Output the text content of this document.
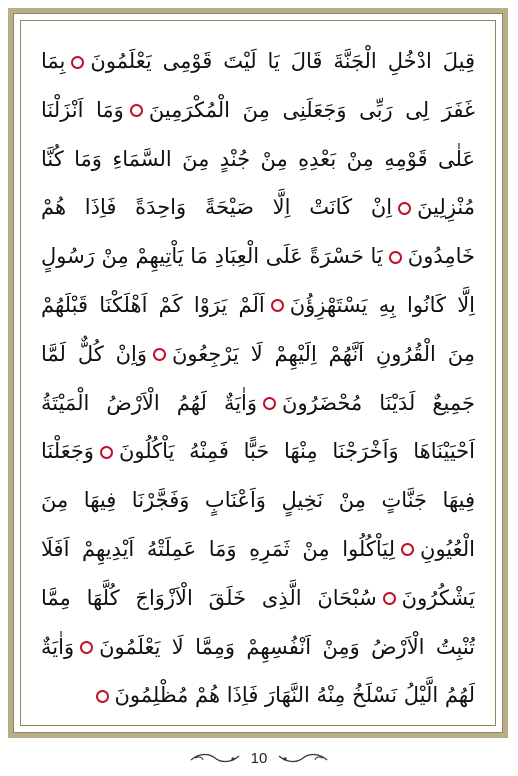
قِيلَ ادْخُلِ الْجَنَّةَ قَالَ يَا لَيْتَ قَوْمِى يَعْلَمُونَبِمَا
غَفَرَ لِى رَبِّى وَجَعَلَنِى مِنَ الْمُكْرَمِينَوَمَا اَنْزَلْنَا
عَلٰى قَوْمِهِ مِنْ بَعْدِهِ مِنْ جُنْدٍ مِنَ السَّمَاءِ وَمَا كُنَّا
مُنْزِلِينَاِنْ كَانَتْ اِلَّا صَيْحَةً وَاحِدَةً فَاِذَا هُمْ
خَامِدُونَيَا حَسْرَةً عَلَى الْعِبَادِ مَا يَاْتِيهِمْ مِنْ رَسُولٍ
اِلَّا كَانُوا بِهِ يَسْتَهْزِؤُنَاَلَمْ يَرَوْا كَمْ اَهْلَكْنَا قَبْلَهُمْ
مِنَ الْقُرُونِ اَنَّهُمْ اِلَيْهِمْ لَا يَرْجِعُونَوَاِنْ كُلٌّ لَمَّا
جَمِيعٌ لَدَيْنَا مُحْضَرُونَوَاٰيَةٌ لَهُمُ الْاَرْضُ الْمَيْتَةُ
اَحْيَيْنَاهَا وَاَخْرَجْنَا مِنْهَا حَبًّا فَمِنْهُ يَاْكُلُونَوَجَعَلْنَا
فِيهَا جَنَّاتٍ مِنْ نَخِيلٍ وَاَعْنَابٍ وَفَجَّرْنَا فِيهَا مِنَ
الْعُيُونِلِيَاْكُلُوا مِنْ ثَمَرِهِ وَمَا عَمِلَتْهُ اَيْدِيهِمْ اَفَلَا
يَشْكُرُونَسُبْحَانَ الَّذِى خَلَقَ الْاَزْوَاجَ كُلَّهَا مِمَّا
تُنْبِتُ الْاَرْضُ وَمِنْ اَنْفُسِهِمْ وَمِمَّا لَا يَعْلَمُونَوَاٰيَةٌ
لَهُمُ الَّيْلُ نَسْلَخُ مِنْهُ النَّهَارَ فَاِذَا هُمْ مُظْلِمُونَ
10
